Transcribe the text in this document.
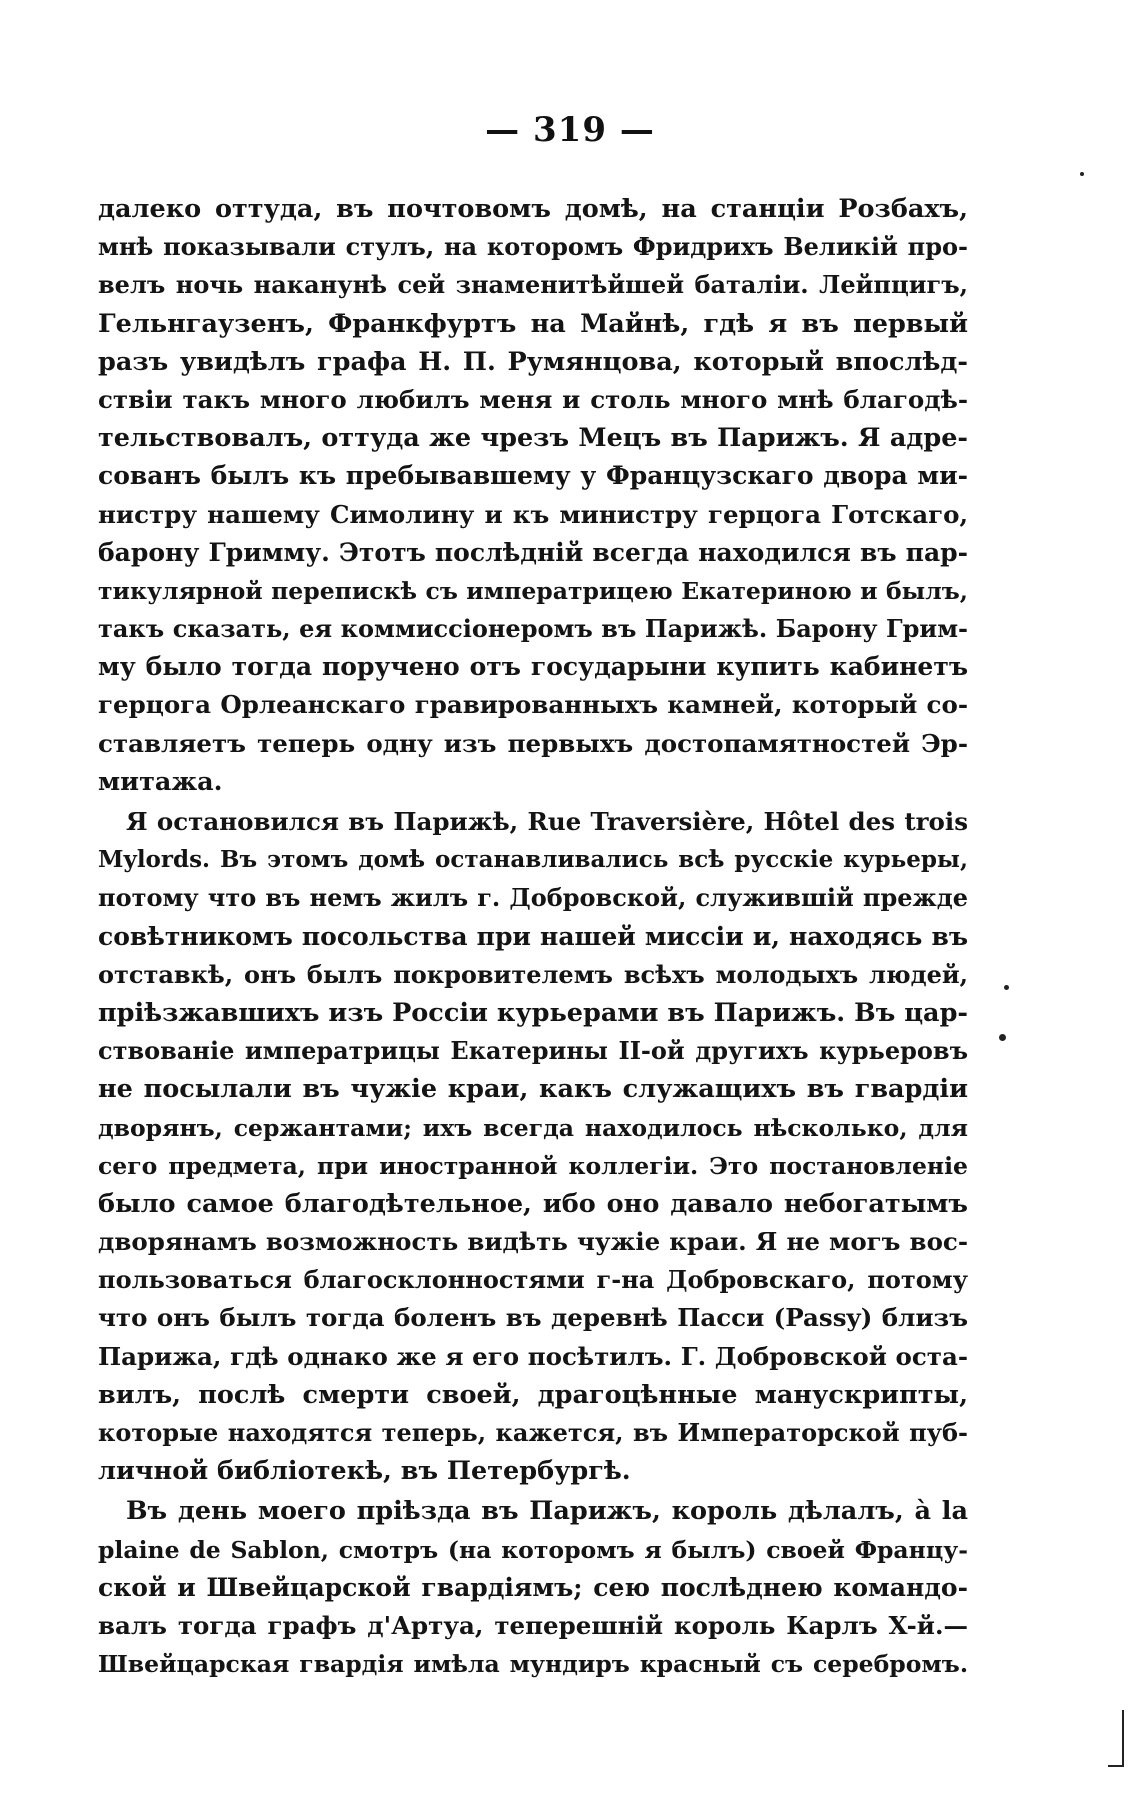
— 319 —
далеко оттуда, въ почтовомъ домѣ, на станціи Розбахъ,
мнѣ показывали стулъ, на которомъ Фридрихъ Великій про-
велъ ночь наканунѣ сей знаменитѣйшей баталіи. Лейпцигъ,
Гельнгаузенъ, Франкфуртъ на Майнѣ, гдѣ я въ первый
разъ увидѣлъ графа Н. П. Румянцова, который впослѣд-
ствіи такъ много любилъ меня и столь много мнѣ благодѣ-
тельствовалъ, оттуда же чрезъ Мецъ въ Парижъ. Я адре-
сованъ былъ къ пребывавшему у Французскаго двора ми-
нистру нашему Симолину и къ министру герцога Готскаго,
барону Гримму. Этотъ послѣдній всегда находился въ пар-
тикулярной перепискѣ съ императрицею Екатериною и былъ,
такъ сказать, ея коммиссіонеромъ въ Парижѣ. Барону Грим-
му было тогда поручено отъ государыни купить кабинетъ
герцога Орлеанскаго гравированныхъ камней, который со-
ставляетъ теперь одну изъ первыхъ достопамятностей Эр-
митажа.
Я остановился въ Парижѣ, Rue Traversière, Hôtel des trois
Mylords. Въ этомъ домѣ останавливались всѣ русскіе курьеры,
потому что въ немъ жилъ г. Добровской, служившій прежде
совѣтникомъ посольства при нашей миссіи и, находясь въ
отставкѣ, онъ былъ покровителемъ всѣхъ молодыхъ людей,
пріѣзжавшихъ изъ Россіи курьерами въ Парижъ. Въ цар-
ствованіе императрицы Екатерины II-ой другихъ курьеровъ
не посылали въ чужіе краи, какъ служащихъ въ гвардіи
дворянъ, сержантами; ихъ всегда находилось нѣсколько, для
сего предмета, при иностранной коллегіи. Это постановленіе
было самое благодѣтельное, ибо оно давало небогатымъ
дворянамъ возможность видѣть чужіе краи. Я не могъ вос-
пользоваться благосклонностями г-на Добровскаго, потому
что онъ былъ тогда боленъ въ деревнѣ Пасси (Passy) близъ
Парижа, гдѣ однако же я его посѣтилъ. Г. Добровской оста-
вилъ, послѣ смерти своей, драгоцѣнные манускрипты,
которые находятся теперь, кажется, въ Императорской пуб-
личной библіотекѣ, въ Петербургѣ.
Въ день моего пріѣзда въ Парижъ, король дѣлалъ, à la
plaine de Sablon, смотръ (на которомъ я былъ) своей Францу-
ской и Швейцарской гвардіямъ; сею послѣднею командо-
валъ тогда графъ д'Артуа, теперешній король Карлъ X-й.—
Швейцарская гвардія имѣла мундиръ красный съ серебромъ.
